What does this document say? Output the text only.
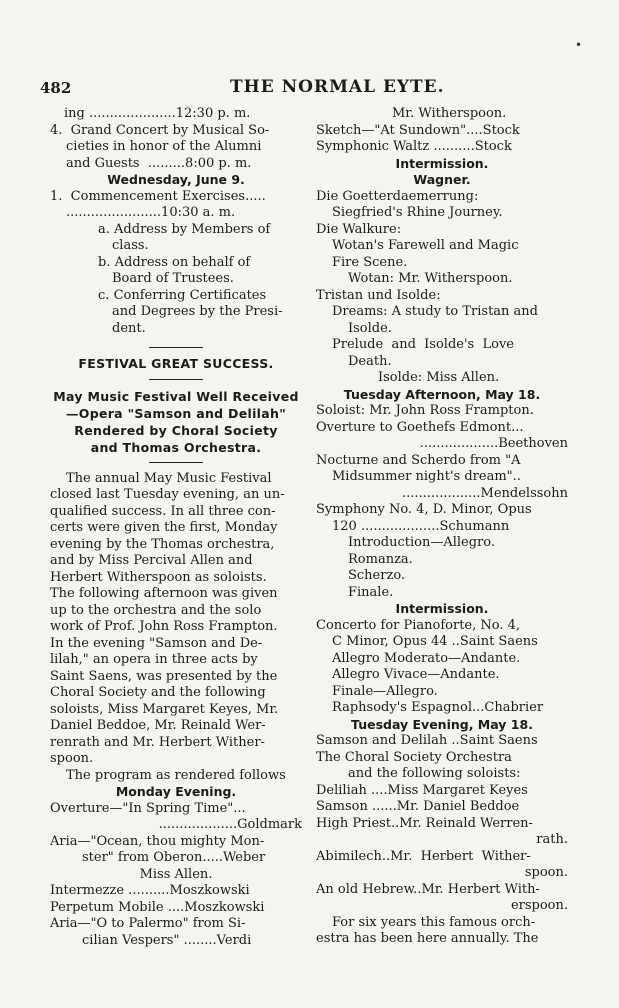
482	THE NORMAL EYTE.
ing .....................12:30 p. m.
4.  Grand Concert by Musical So-
cieties in honor of the Alumni
and Guests  .........8:00 p. m.
Wednesday, June 9.
1.  Commencement Exercises.....
.......................10:30 a. m.
a. Address by Members of
class.
b. Address on behalf of
Board of Trustees.
c. Conferring Certificates
and Degrees by the Presi-
dent.
FESTIVAL GREAT SUCCESS.
May Music Festival Well Received
—Opera "Samson and Delilah"
Rendered by Choral Society
and Thomas Orchestra.
The annual May Music Festival
closed last Tuesday evening, an un-
qualified success. In all three con-
certs were given the first, Monday
evening by the Thomas orchestra,
and by Miss Percival Allen and
Herbert Witherspoon as soloists.
The following afternoon was given
up to the orchestra and the solo
work of Prof. John Ross Frampton.
In the evening "Samson and De-
lilah," an opera in three acts by
Saint Saens, was presented by the
Choral Society and the following
soloists, Miss Margaret Keyes, Mr.
Daniel Beddoe, Mr. Reinald Wer-
renrath and Mr. Herbert Wither-
spoon.
The program as rendered follows
Monday Evening.
Overture—"In Spring Time"...
...................Goldmark
Aria—"Ocean, thou mighty Mon-
ster" from Oberon.....Weber
Miss Allen.
Intermezze ..........Moszkowski
Perpetum Mobile ....Moszkowski
Aria—"O to Palermo" from Si-
cilian Vespers" ........Verdi
Mr. Witherspoon.
Sketch—"At Sundown"....Stock
Symphonic Waltz ..........Stock
Intermission.
Wagner.
Die Goetterdaemerrung:
Siegfried's Rhine Journey.
Die Walkure:
Wotan's Farewell and Magic
Fire Scene.
Wotan: Mr. Witherspoon.
Tristan und Isolde:
Dreams: A study to Tristan and
Isolde.
Prelude  and  Isolde's  Love
Death.
Isolde: Miss Allen.
Tuesday Afternoon, May 18.
Soloist: Mr. John Ross Frampton.
Overture to Goethefs Edmont...
...................Beethoven
Nocturne and Scherdo from "A
Midsummer night's dream"..
...................Mendelssohn
Symphony No. 4, D. Minor, Opus
120 ...................Schumann
Introduction—Allegro.
Romanza.
Scherzo.
Finale.
Intermission.
Concerto for Pianoforte, No. 4,
C Minor, Opus 44 ..Saint Saens
Allegro Moderato—Andante.
Allegro Vivace—Andante.
Finale—Allegro.
Raphsody's Espagnol...Chabrier
Tuesday Evening, May 18.
Samson and Delilah ..Saint Saens
The Choral Society Orchestra
and the following soloists:
Deliliah ....Miss Margaret Keyes
Samson ......Mr. Daniel Beddoe
High Priest..Mr. Reinald Werren-
rath.
Abimilech..Mr.  Herbert  Wither-
spoon.
An old Hebrew..Mr. Herbert With-
erspoon.
For six years this famous orch-
estra has been here annually. The
•
